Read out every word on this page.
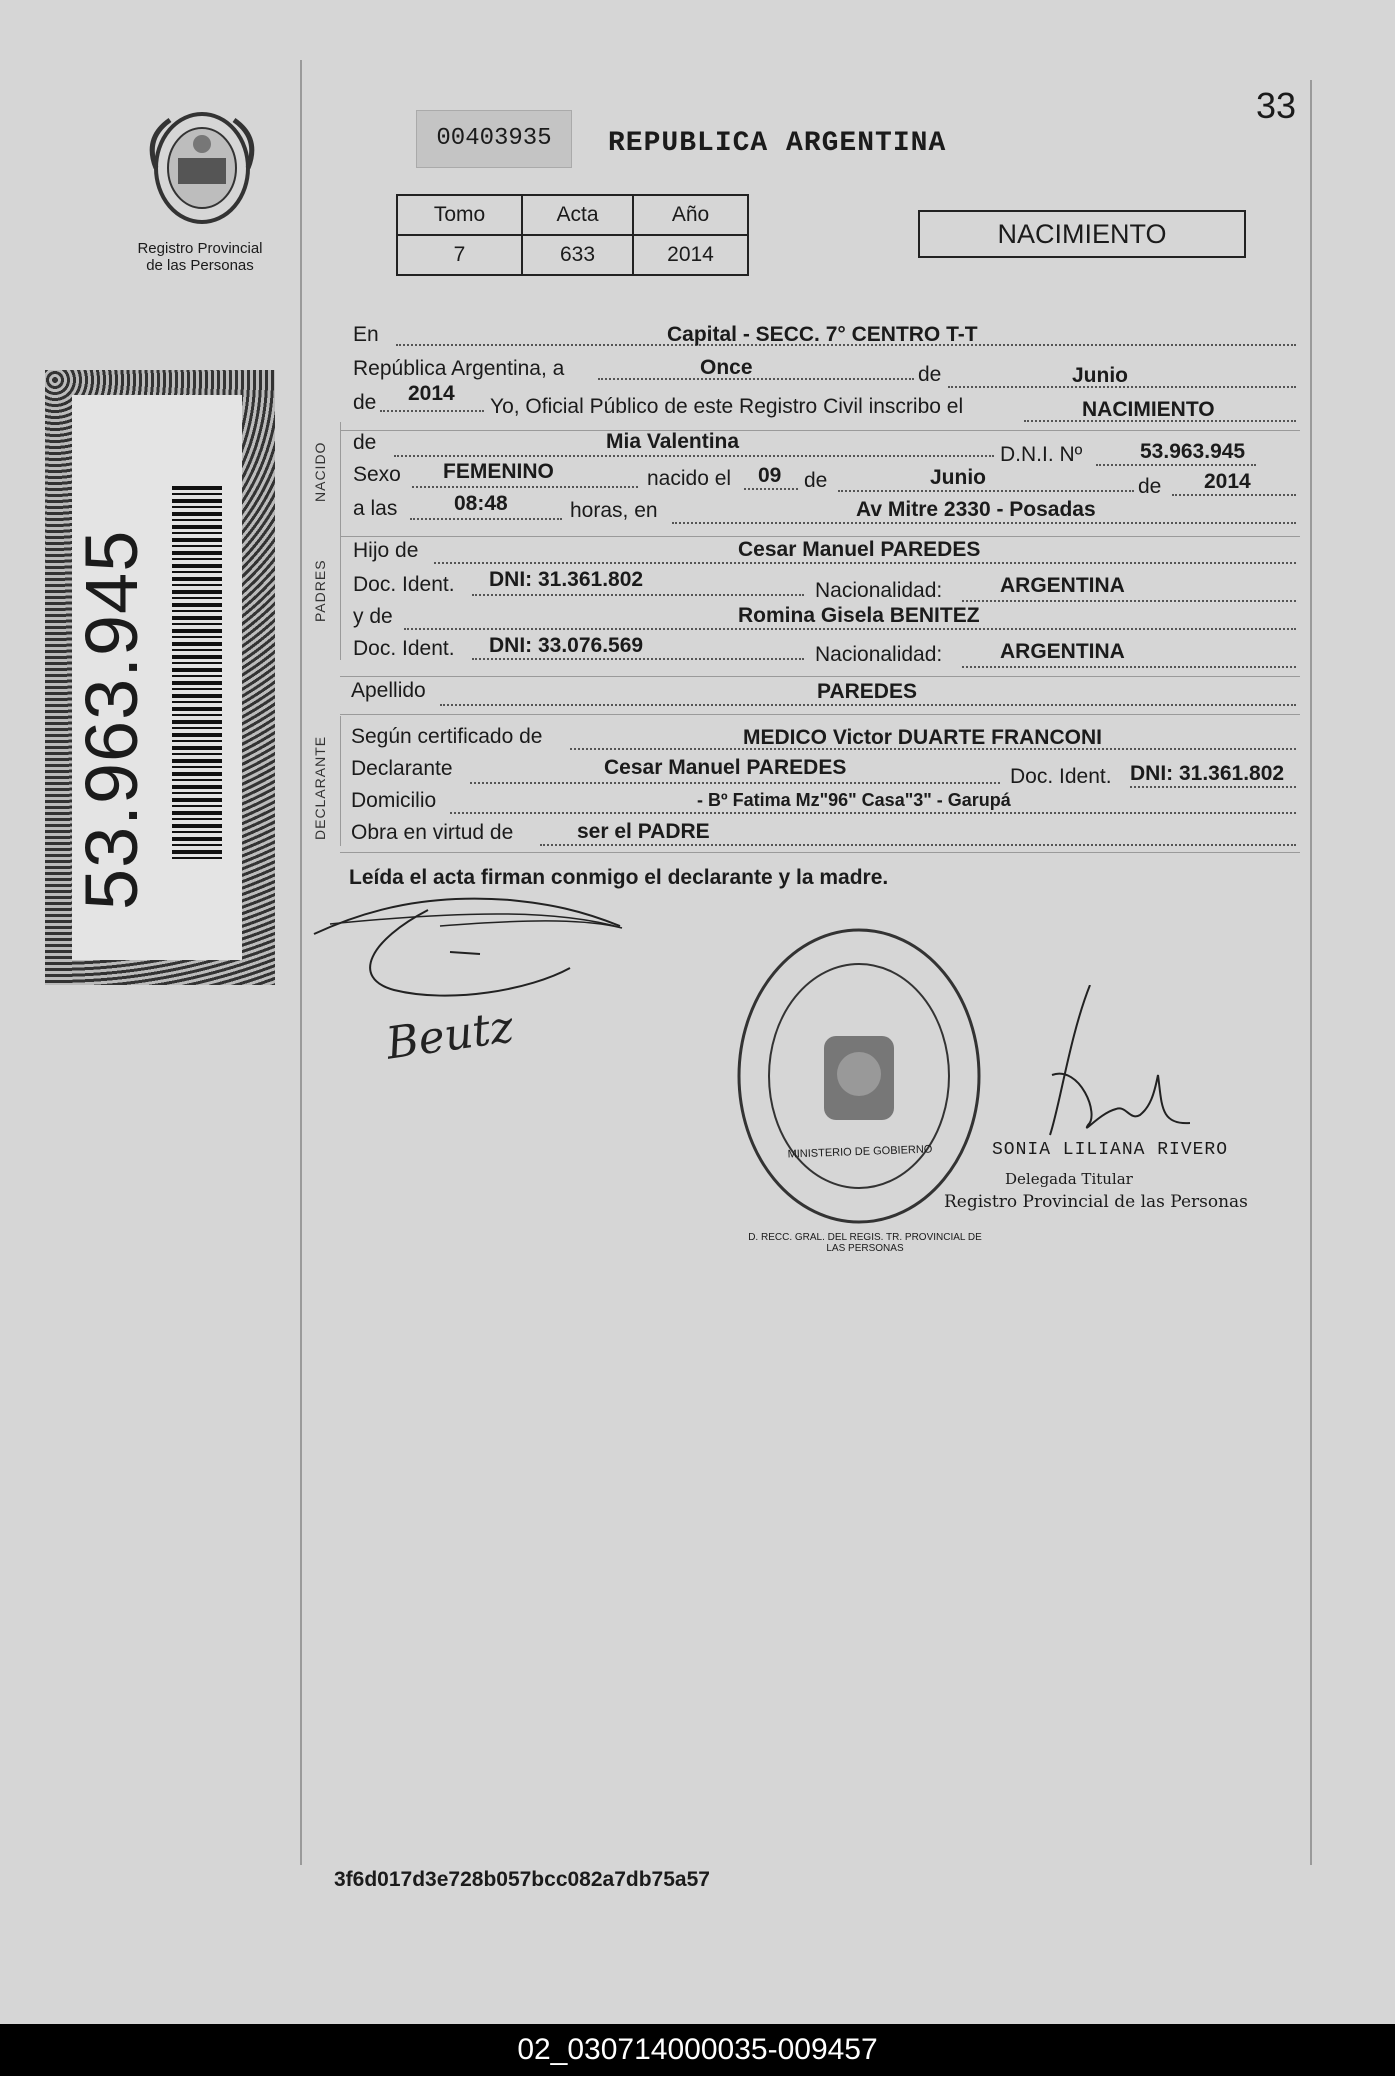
Registro Provincial
de las Personas
53.963.945
00403935	REPUBLICA ARGENTINA
33
Tomo	Acta	Año
7	633	2014
NACIMIENTO
En	Capital - SECC. 7° CENTRO T-T
República Argentina, a	Once	de	Junio
de 2014
Yo, Oficial Público de este Registro Civil inscribo el	NACIMIENTO
NACIDO de	Mia Valentina
D.N.I. Nº	53.963.945
Sexo FEMENINO	nacido el 09 de	Junio	de 2014
a las	08:48	horas, en	Av Mitre 2330 - Posadas
PADRES
Hijo de	Cesar Manuel PAREDES
Doc. Ident. DNI: 31.361.802	Nacionalidad:	ARGENTINA
y de	Romina Gisela BENITEZ
Doc. Ident. DNI: 33.076.569	Nacionalidad:	ARGENTINA
Apellido	PAREDES
DECLARANTE Según certificado de	MEDICO Victor DUARTE FRANCONI
Declarante	Cesar Manuel PAREDES	Doc. Ident. DNI: 31.361.802
Domicilio	- Bº Fatima Mz"96" Casa"3" - Garupá
Obra en virtud de	ser el PADRE
Leída el acta firman conmigo el declarante y la madre.
Beutz
MINISTERIO DE GOBIERNO
D. RECC. GRAL. DEL REGIS. TR. PROVINCIAL DE LAS PERSONAS
SONIA LILIANA RIVERO
Delegada Titular
Registro Provincial de las Personas
3f6d017d3e728b057bcc082a7db75a57
02_030714000035-009457
